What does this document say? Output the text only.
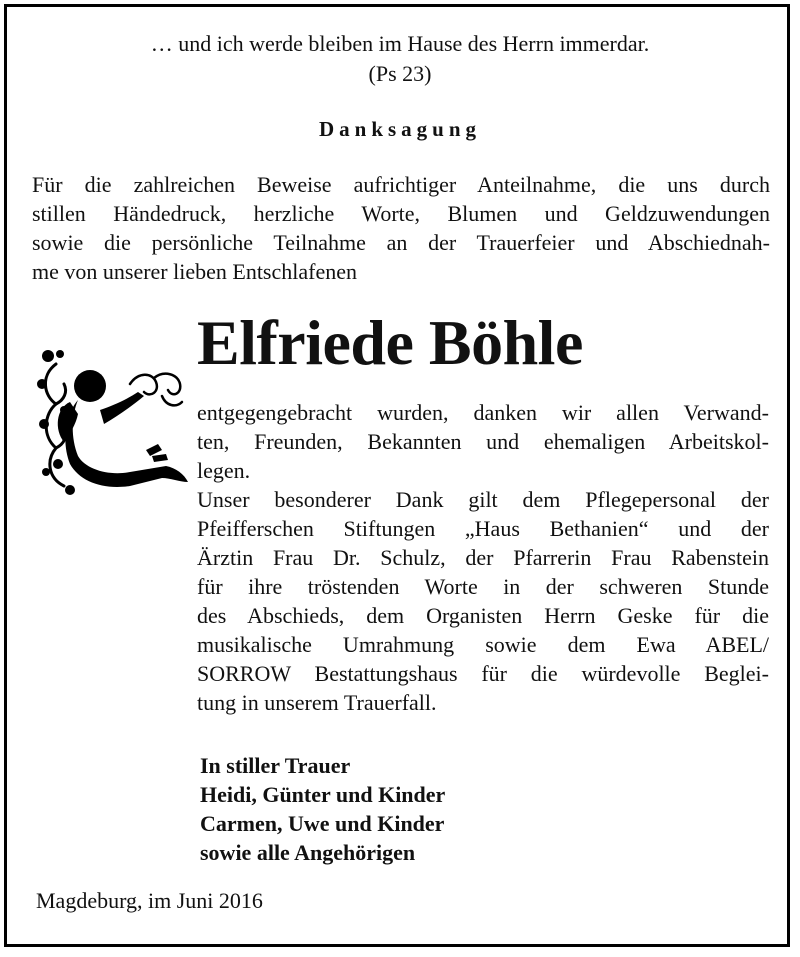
… und ich werde bleiben im Hause des Herrn immerdar.
(Ps 23)
Danksagung
Für die zahlreichen Beweise aufrichtiger Anteilnahme, die uns durch
stillen Händedruck, herzliche Worte, Blumen und Geldzuwendungen
sowie die persönliche Teilnahme an der Trauerfeier und Abschiednah-
me von unserer lieben Entschlafenen
Elfriede Böhle
entgegengebracht wurden, danken wir allen Verwand-
ten, Freunden, Bekannten und ehemaligen Arbeitskol-
legen.
Unser besonderer Dank gilt dem Pflegepersonal der
Pfeifferschen Stiftungen „Haus Bethanien“ und der
Ärztin Frau Dr. Schulz, der Pfarrerin Frau Rabenstein
für ihre tröstenden Worte in der schweren Stunde
des Abschieds, dem Organisten Herrn Geske für die
musikalische Umrahmung sowie dem Ewa ABEL/
SORROW Bestattungshaus für die würdevolle Beglei-
tung in unserem Trauerfall.
In stiller Trauer
Heidi, Günter und Kinder
Carmen, Uwe und Kinder
sowie alle Angehörigen
Magdeburg, im Juni 2016
